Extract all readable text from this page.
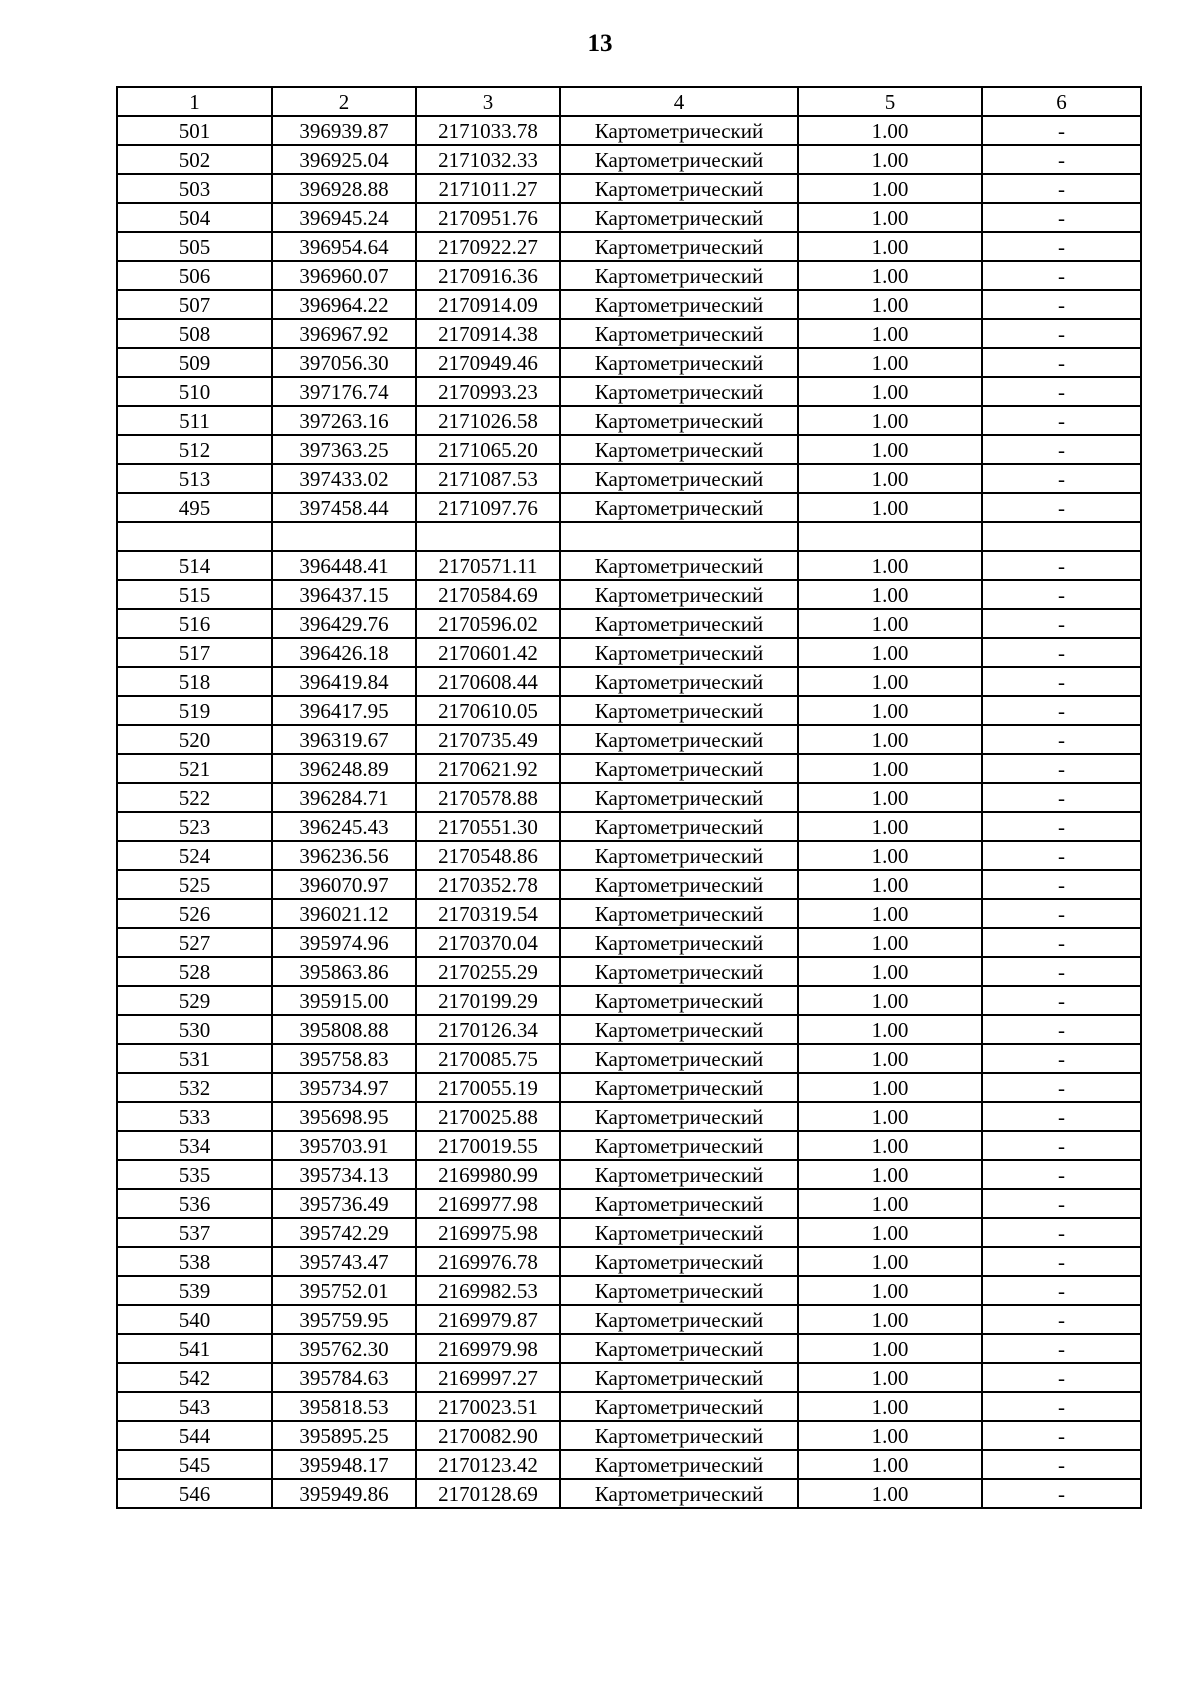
13
1	2	3	4	5	6
501	396939.87	2171033.78	Картометрический	1.00	-
502	396925.04	2171032.33	Картометрический	1.00	-
503	396928.88	2171011.27	Картометрический	1.00	-
504	396945.24	2170951.76	Картометрический	1.00	-
505	396954.64	2170922.27	Картометрический	1.00	-
506	396960.07	2170916.36	Картометрический	1.00	-
507	396964.22	2170914.09	Картометрический	1.00	-
508	396967.92	2170914.38	Картометрический	1.00	-
509	397056.30	2170949.46	Картометрический	1.00	-
510	397176.74	2170993.23	Картометрический	1.00	-
511	397263.16	2171026.58	Картометрический	1.00	-
512	397363.25	2171065.20	Картометрический	1.00	-
513	397433.02	2171087.53	Картометрический	1.00	-
495	397458.44	2171097.76	Картометрический	1.00	-

514	396448.41	2170571.11	Картометрический	1.00	-
515	396437.15	2170584.69	Картометрический	1.00	-
516	396429.76	2170596.02	Картометрический	1.00	-
517	396426.18	2170601.42	Картометрический	1.00	-
518	396419.84	2170608.44	Картометрический	1.00	-
519	396417.95	2170610.05	Картометрический	1.00	-
520	396319.67	2170735.49	Картометрический	1.00	-
521	396248.89	2170621.92	Картометрический	1.00	-
522	396284.71	2170578.88	Картометрический	1.00	-
523	396245.43	2170551.30	Картометрический	1.00	-
524	396236.56	2170548.86	Картометрический	1.00	-
525	396070.97	2170352.78	Картометрический	1.00	-
526	396021.12	2170319.54	Картометрический	1.00	-
527	395974.96	2170370.04	Картометрический	1.00	-
528	395863.86	2170255.29	Картометрический	1.00	-
529	395915.00	2170199.29	Картометрический	1.00	-
530	395808.88	2170126.34	Картометрический	1.00	-
531	395758.83	2170085.75	Картометрический	1.00	-
532	395734.97	2170055.19	Картометрический	1.00	-
533	395698.95	2170025.88	Картометрический	1.00	-
534	395703.91	2170019.55	Картометрический	1.00	-
535	395734.13	2169980.99	Картометрический	1.00	-
536	395736.49	2169977.98	Картометрический	1.00	-
537	395742.29	2169975.98	Картометрический	1.00	-
538	395743.47	2169976.78	Картометрический	1.00	-
539	395752.01	2169982.53	Картометрический	1.00	-
540	395759.95	2169979.87	Картометрический	1.00	-
541	395762.30	2169979.98	Картометрический	1.00	-
542	395784.63	2169997.27	Картометрический	1.00	-
543	395818.53	2170023.51	Картометрический	1.00	-
544	395895.25	2170082.90	Картометрический	1.00	-
545	395948.17	2170123.42	Картометрический	1.00	-
546	395949.86	2170128.69	Картометрический	1.00	-
